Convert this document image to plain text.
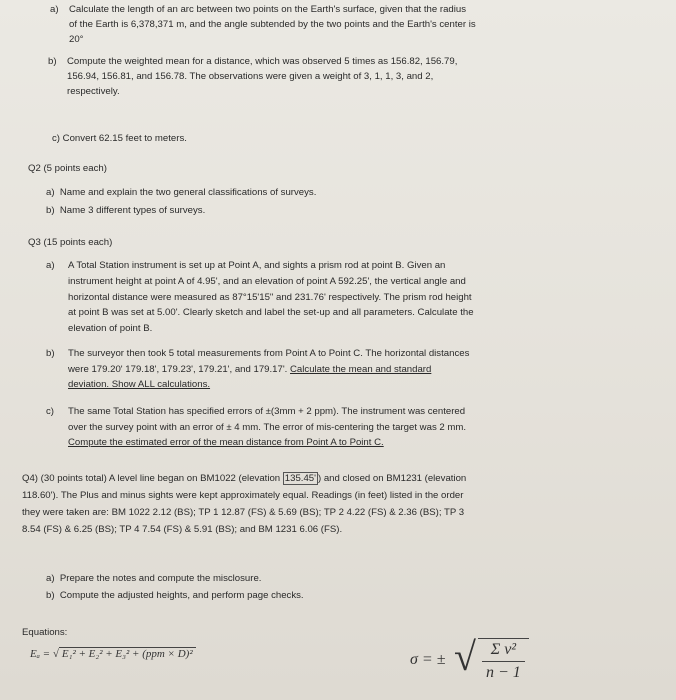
a) Calculate the length of an arc between two points on the Earth's surface, given that the radius
of the Earth is 6,378,371 m, and the angle subtended by the two points and the Earth's center is
20°
b) Compute the weighted mean for a distance, which was observed 5 times as 156.82, 156.79,
156.94, 156.81, and 156.78. The observations were given a weight of 3, 1, 1, 3, and 2,
respectively.
c) Convert 62.15 feet to meters.
Q2 (5 points each)
a) Name and explain the two general classifications of surveys.
b) Name 3 different types of surveys.
Q3 (15 points each)
a) A Total Station instrument is set up at Point A, and sights a prism rod at point B. Given an
instrument height at point A of 4.95', and an elevation of point A 592.25', the vertical angle and
horizontal distance were measured as 87°15'15" and 231.76' respectively. The prism rod height
at point B was set at 5.00'. Clearly sketch and label the set-up and all parameters. Calculate the
elevation of point B.
b) The surveyor then took 5 total measurements from Point A to Point C. The horizontal distances
were 179.20' 179.18', 179.23', 179.21', and 179.17'. Calculate the mean and standard
deviation. Show ALL calculations.
c) The same Total Station has specified errors of ±(3mm + 2 ppm). The instrument was centered
over the survey point with an error of ± 4 mm. The error of mis-centering the target was 2 mm.
Compute the estimated error of the mean distance from Point A to Point C.
Q4) (30 points total) A level line began on BM1022 (elevation 135.45' ) and closed on BM1231 (elevation
118.60'). The Plus and minus sights were kept approximately equal. Readings (in feet) listed in the order
they were taken are: BM 1022 2.12 (BS); TP 1 12.87 (FS) & 5.69 (BS); TP 2 4.22 (FS) & 2.36 (BS); TP 3
8.54 (FS) & 6.25 (BS); TP 4 7.54 (FS) & 5.91 (BS); and BM 1231 6.06 (FS).
a) Prepare the notes and compute the misclosure.
b) Compute the adjusted heights, and perform page checks.
Equations:
Eₐ = √ E₁² + E₂² + E₃² + (ppm × D)²	σ = ± √ $\frac{\text{Σ v²}}{n - 1}$
